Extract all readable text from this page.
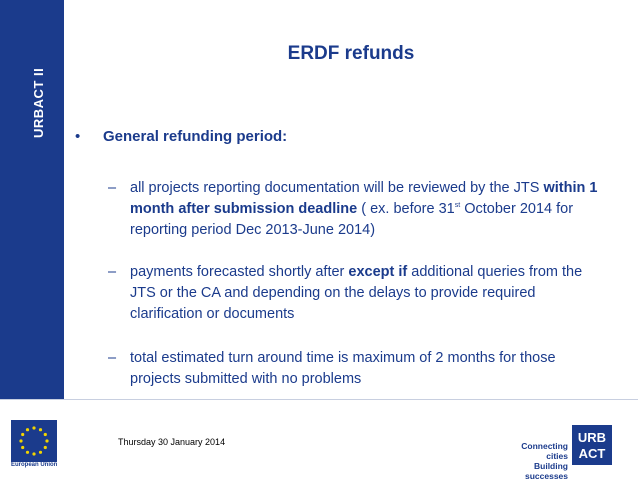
URBACT II
ERDF refunds
• General refunding period:
– all projects reporting documentation will be reviewed by the JTS within 1 month after submission deadline ( ex. before 31st October 2014 for reporting period Dec 2013-June 2014)
– payments forecasted shortly after except if additional queries from the JTS or the CA and depending on the delays to provide required clarification or documents
– total estimated turn around time is maximum of 2 months for those projects submitted with no problems
European Union
Thursday 30 January 2014	Connecting cities
Building successes
URB
ACT
